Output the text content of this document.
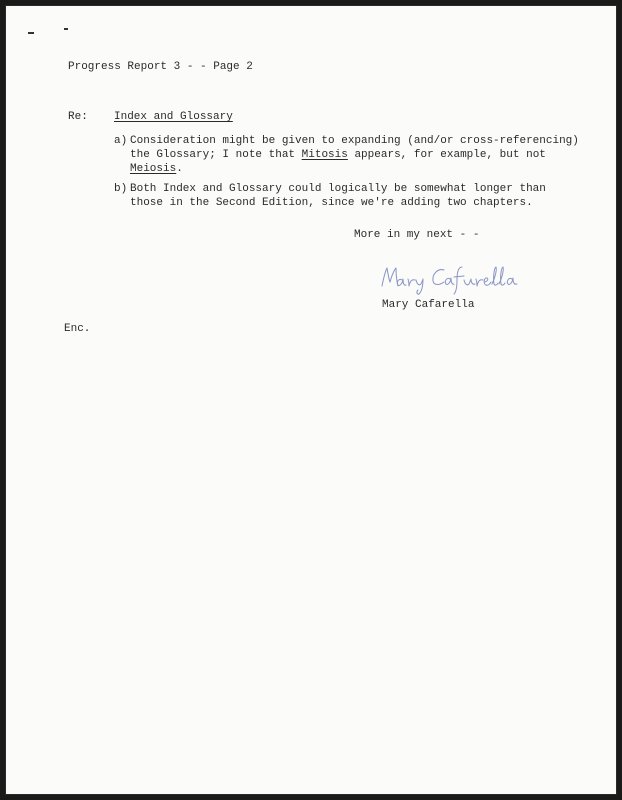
Progress Report 3 - - Page 2
Re: Index and Glossary
a) Consideration might be given to expanding (and/or cross-referencing)
the Glossary; I note that Mitosis appears, for example, but not
Meiosis.
b) Both Index and Glossary could logically be somewhat longer than
those in the Second Edition, since we're adding two chapters.
More in my next - -
Mary Cafarella
Enc.
